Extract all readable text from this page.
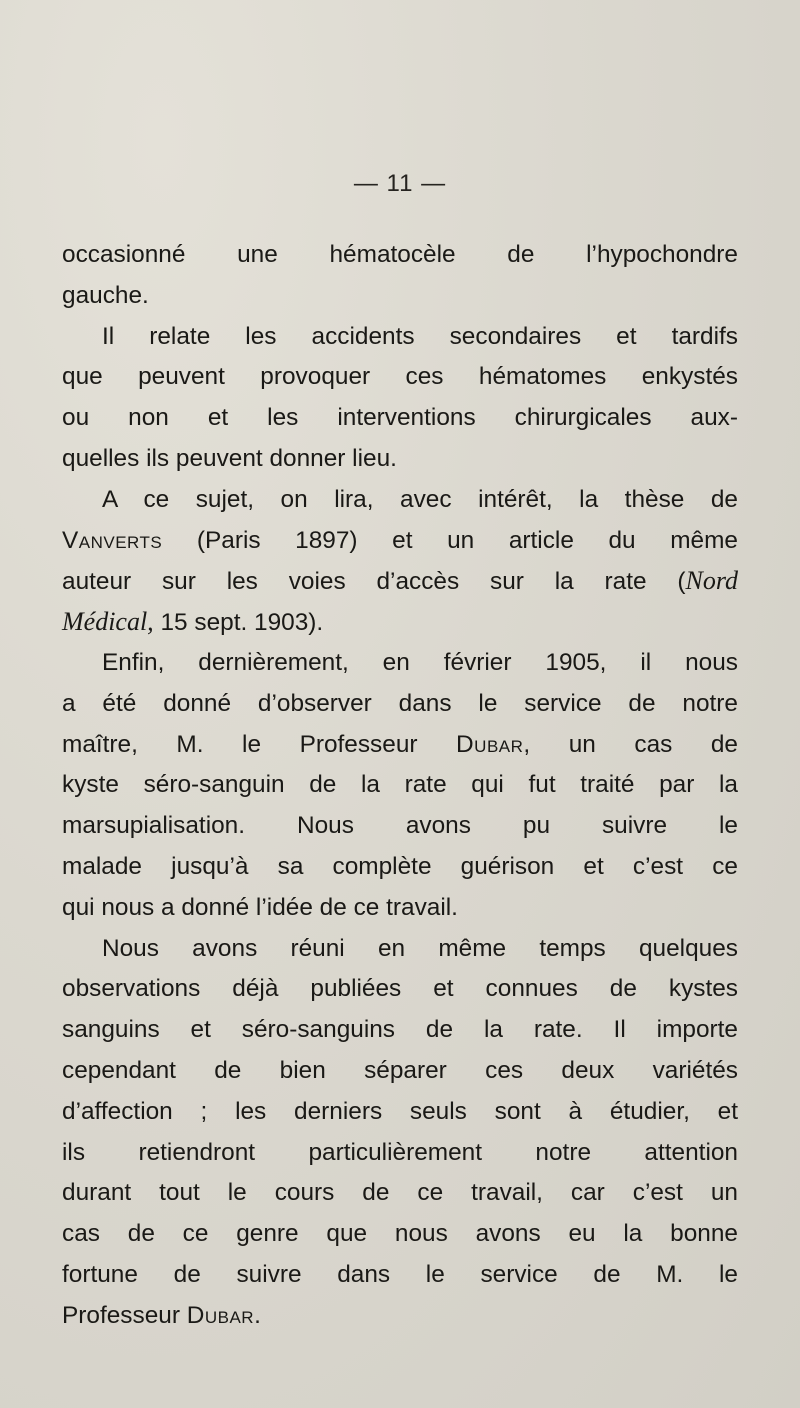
— 11 —
occasionné une hématocèle de l’hypochondre
gauche.
Il relate les accidents secondaires et tardifs
que peuvent provoquer ces hématomes enkystés
ou non et les interventions chirurgicales aux-
quelles ils peuvent donner lieu.
A ce sujet, on lira, avec intérêt, la thèse de
Vanverts (Paris 1897) et un article du même
auteur sur les voies d’accès sur la rate (Nord
Médical, 15 sept. 1903).
Enfin, dernièrement, en février 1905, il nous
a été donné d’observer dans le service de notre
maître, M. le Professeur Dubar, un cas de
kyste séro-sanguin de la rate qui fut traité par la
marsupialisation. Nous avons pu suivre le
malade jusqu’à sa complète guérison et c’est ce
qui nous a donné l’idée de ce travail.
Nous avons réuni en même temps quelques
observations déjà publiées et connues de kystes
sanguins et séro-sanguins de la rate. Il importe
cependant de bien séparer ces deux variétés
d’affection ; les derniers seuls sont à étudier, et
ils retiendront particulièrement notre attention
durant tout le cours de ce travail, car c’est un
cas de ce genre que nous avons eu la bonne
fortune de suivre dans le service de M. le
Professeur Dubar.
